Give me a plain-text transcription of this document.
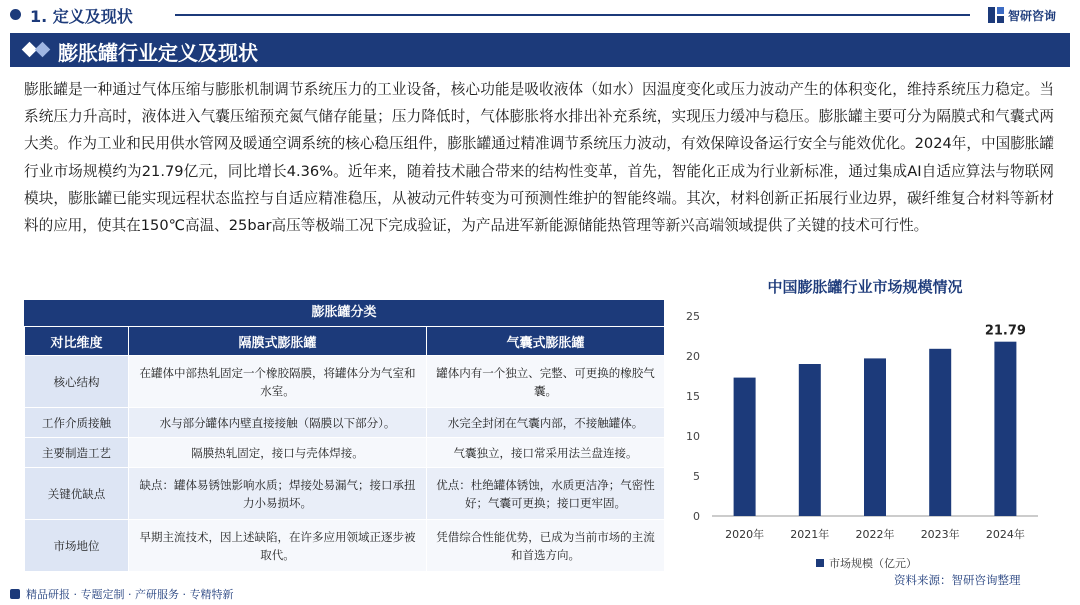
1. 定义及现状	智研咨询
膨胀罐行业定义及现状
膨胀罐是一种通过气体压缩与膨胀机制调节系统压力的工业设备，核心功能是吸收液体（如水）因温度变化或压力波动产生的体积变化，维持系统压力稳定。当系统压力升高时，液体进入气囊压缩预充氮气储存能量；压力降低时，气体膨胀将水排出补充系统，实现压力缓冲与稳压。膨胀罐主要可分为隔膜式和气囊式两大类。作为工业和民用供水管网及暖通空调系统的核心稳压组件，膨胀罐通过精准调节系统压力波动，有效保障设备运行安全与能效优化。2024年，中国膨胀罐行业市场规模约为21.79亿元，同比增长4.36%。近年来，随着技术融合带来的结构性变革，首先，智能化正成为行业新标准，通过集成AI自适应算法与物联网模块，膨胀罐已能实现远程状态监控与自适应精准稳压，从被动元件转变为可预测性维护的智能终端。其次，材料创新正拓展行业边界，碳纤维复合材料等新材料的应用，使其在150℃高温、25bar高压等极端工况下完成验证，为产品进军新能源储能热管理等新兴高端领域提供了关键的技术可行性。
膨胀罐分类
对比维度	隔膜式膨胀罐	气囊式膨胀罐
核心结构	在罐体中部热轧固定一个橡胶隔膜，将罐体分为气室和水室。	罐体内有一个独立、完整、可更换的橡胶气囊。
工作介质接触	水与部分罐体内壁直接接触（隔膜以下部分）。	水完全封闭在气囊内部，不接触罐体。
主要制造工艺	隔膜热轧固定，接口与壳体焊接。	气囊独立，接口常采用法兰盘连接。
关键优缺点	缺点：罐体易锈蚀影响水质；焊接处易漏气；接口承扭力小易损坏。	优点：杜绝罐体锈蚀，水质更洁净；气密性好；气囊可更换；接口更牢固。
市场地位	早期主流技术，因上述缺陷，在许多应用领域正逐步被取代。	凭借综合性能优势，已成为当前市场的主流和首选方向。
中国膨胀罐行业市场规模情况
0
5
10
15
20
25
2020年 2021年 2022年 2023年 2024年
21.79
市场规模（亿元）
资料来源：智研咨询整理
精品研报 · 专题定制 · 产研服务 · 专精特新
